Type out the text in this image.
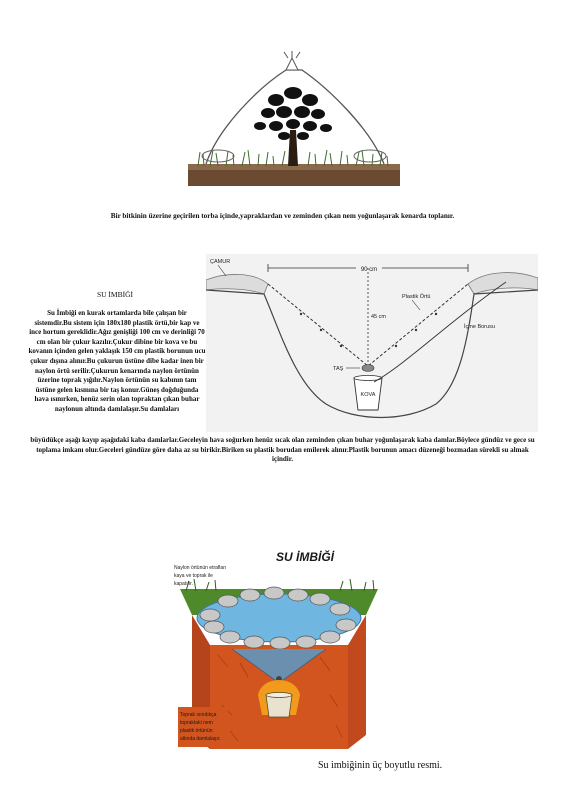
Bir bitkinin üzerine geçirilen torba içinde,yapraklardan ve zeminden çıkan nem yoğunlaşarak kenarda toplanır.
90 cm
45 cm
ÇAMUR
Plastik Örtü
TAŞ
KOVA
İçme Borusu
SU İMBİĞİ
Su İmbiği en kurak ortamlarda bile çalışan bir sistemdir.Bu sistem için 180x180 plastik örtü,bir kap ve ince hortum gereklidir.Ağız genişliği 100 cm ve derinliği 70 cm olan bir çukur kazılır.Çukur dibine bir kova ve bu kovanın içinden gelen yaklaşık 150 cm plastik borunun ucu çukur dışına alınır.Bu çukurun üstüne dibe kadar inen bir naylon örtü serilir.Çukurun kenarında naylon örtünün üzerine toprak yığılır.Naylon örtünün su kabının tam üstüne gelen kısmına bir taş konur.Güneş doğduğunda hava ısınırken, henüz serin olan topraktan çıkan buhar naylonun altında damlalaşır.Su damlaları
büyüdükçe aşağı kayıp aşağıdaki kaba damlarlar.Geceleyin hava soğurken henüz sıcak olan zeminden çıkan buhar yoğunlaşarak kaba damlar.Böylece gündüz ve gece su toplama imkanı olur.Geceleri gündüze göre daha az su birikir.Biriken su plastik borudan emilerek alınır.Plastik borunun amacı düzeneği bozmadan sürekli su almak içindir.
SU İMBİĞİ
Naylon örtünün etrafları
kaya ve toprak ile
kapatılır.
Toprak ısındıkça
topraktaki nem
plastik örtünün
altında damlalaşır.
Su imbiğinin üç boyutlu resmi.
